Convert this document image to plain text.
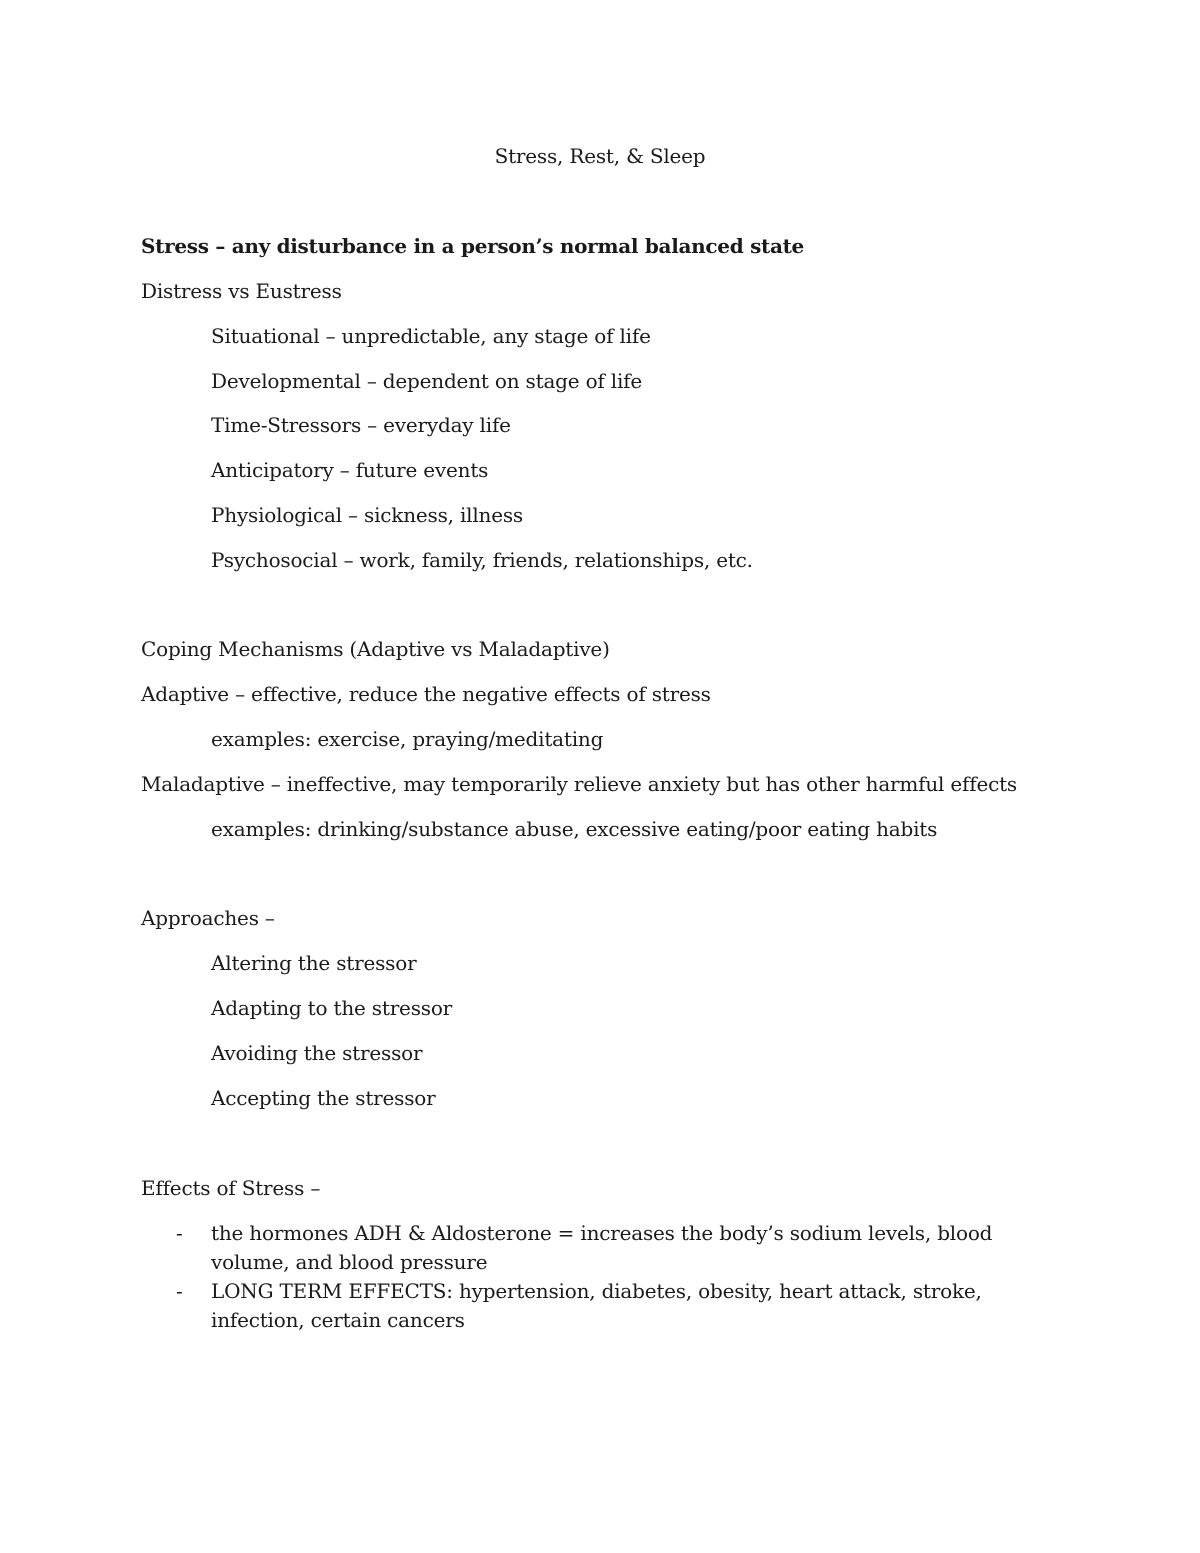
Stress, Rest, & Sleep
Stress – any disturbance in a person’s normal balanced state
Distress vs Eustress
Situational – unpredictable, any stage of life
Developmental – dependent on stage of life
Time-Stressors – everyday life
Anticipatory – future events
Physiological – sickness, illness
Psychosocial – work, family, friends, relationships, etc.
Coping Mechanisms (Adaptive vs Maladaptive)
Adaptive – effective, reduce the negative effects of stress
examples: exercise, praying/meditating
Maladaptive – ineffective, may temporarily relieve anxiety but has other harmful effects
examples: drinking/substance abuse, excessive eating/poor eating habits
Approaches –
Altering the stressor
Adapting to the stressor
Avoiding the stressor
Accepting the stressor
Effects of Stress –
- the hormones ADH & Aldosterone = increases the body’s sodium levels, blood volume, and blood pressure
- LONG TERM EFFECTS: hypertension, diabetes, obesity, heart attack, stroke, infection, certain cancers
